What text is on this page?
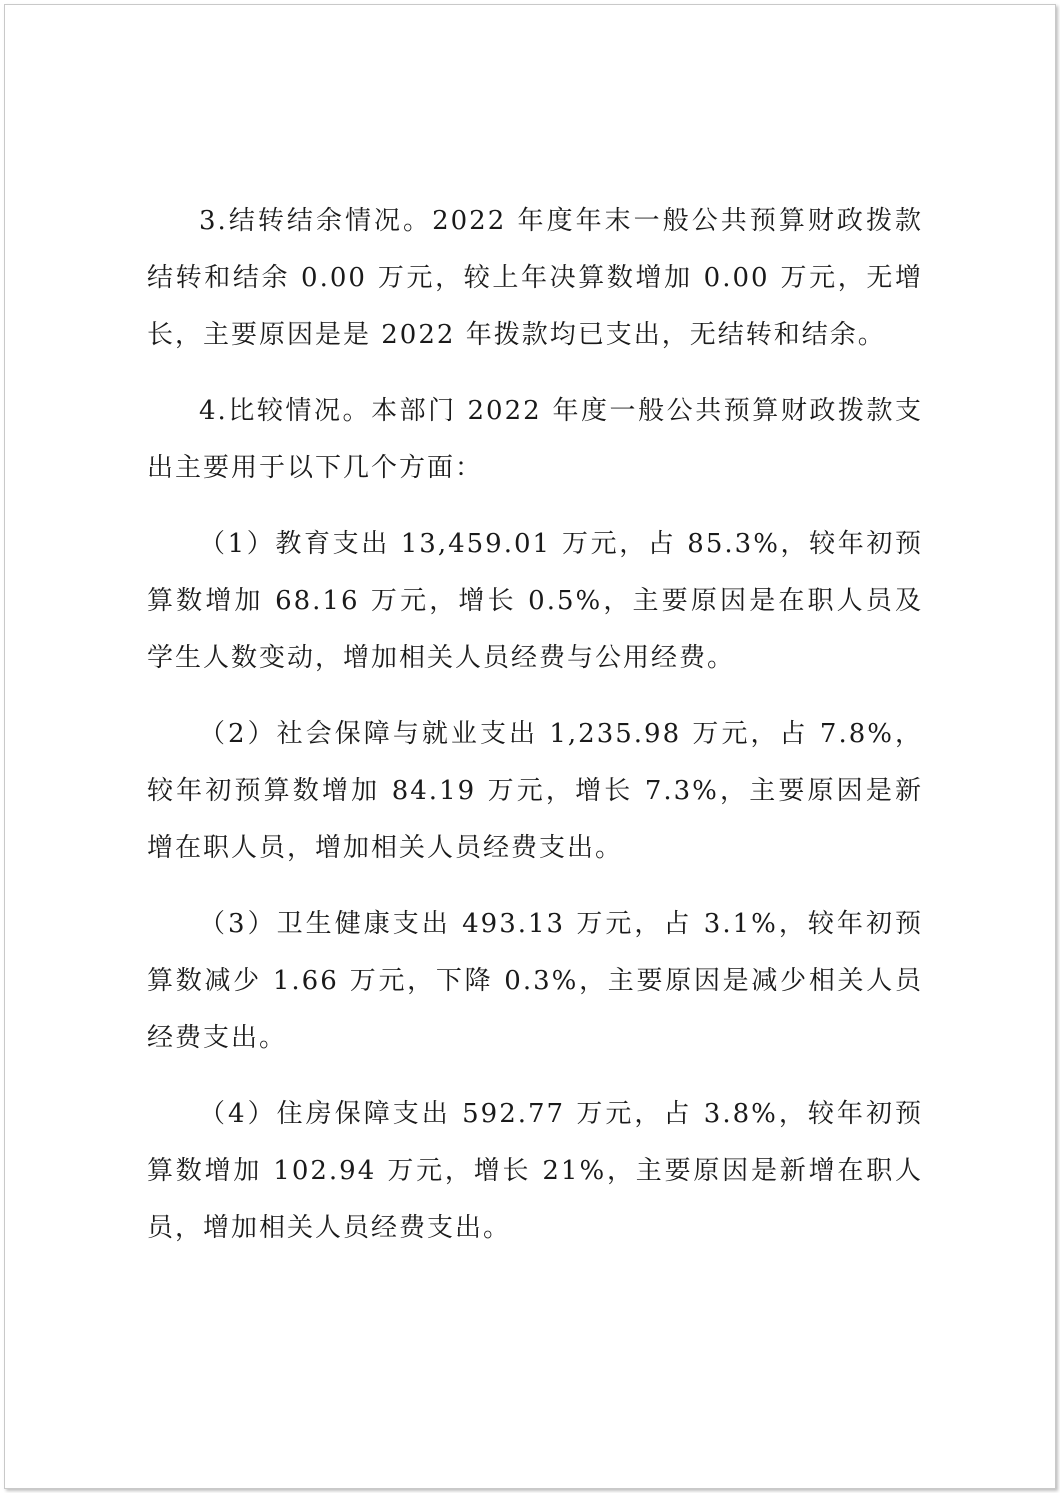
3.结转结余情况。2022 年度年末一般公共预算财政拨款结转和结余 0.00 万元，较上年决算数增加 0.00 万元，无增长，主要原因是是 2022 年拨款均已支出，无结转和结余。

4.比较情况。本部门 2022 年度一般公共预算财政拨款支出主要用于以下几个方面：

（1）教育支出 13,459.01 万元，占 85.3%，较年初预算数增加 68.16 万元，增长 0.5%，主要原因是在职人员及学生人数变动，增加相关人员经费与公用经费。

（2）社会保障与就业支出 1,235.98 万元，占 7.8%，较年初预算数增加 84.19 万元，增长 7.3%，主要原因是新增在职人员，增加相关人员经费支出。

（3）卫生健康支出 493.13 万元，占 3.1%，较年初预算数减少 1.66 万元，下降 0.3%，主要原因是减少相关人员经费支出。

（4）住房保障支出 592.77 万元，占 3.8%，较年初预算数增加 102.94 万元，增长 21%，主要原因是新增在职人员，增加相关人员经费支出。
